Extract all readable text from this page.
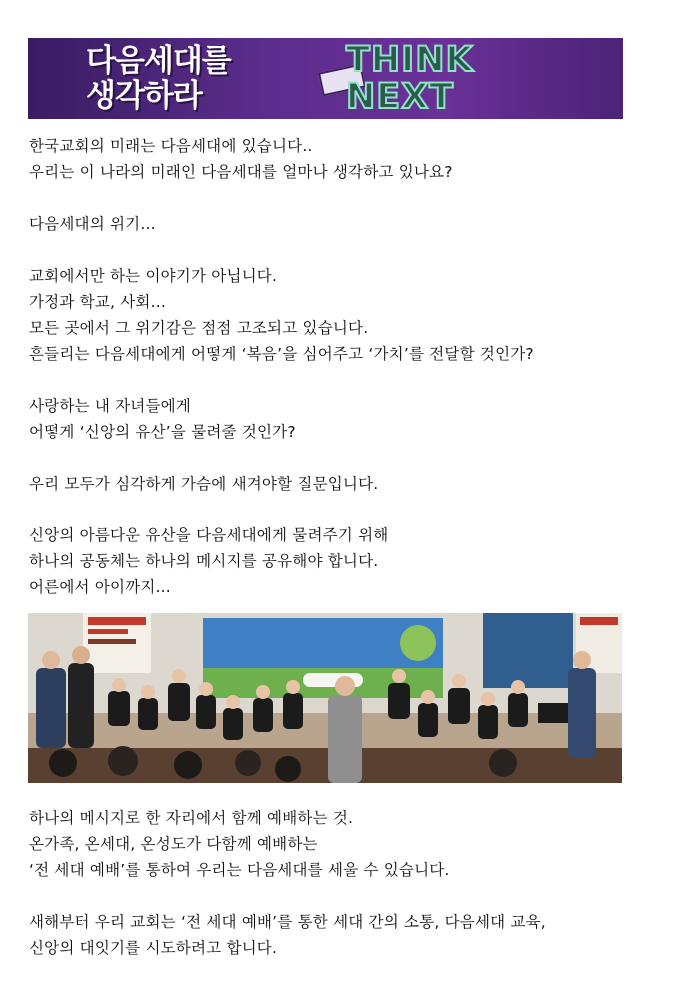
다음세대를
생각하라
THINK
NEXT

한국교회의 미래는 다음세대에 있습니다..

우리는 이 나라의 미래인 다음세대를 얼마나 생각하고 있나요?

다음세대의 위기...

교회에서만 하는 이야기가 아닙니다.

가정과 학교, 사회...

모든 곳에서 그 위기감은 점점 고조되고 있습니다.

흔들리는 다음세대에게 어떻게 ‘복음’을 심어주고 ‘가치’를 전달할 것인가?

사랑하는 내 자녀들에게

어떻게 ‘신앙의 유산’을 물려줄 것인가?

우리 모두가 심각하게 가슴에 새겨야할 질문입니다.

신앙의 아름다운 유산을 다음세대에게 물려주기 위해

하나의 공동체는 하나의 메시지를 공유해야 합니다.

어른에서 아이까지...

하나의 메시지로 한 자리에서 함께 예배하는 것.

온가족, 온세대, 온성도가 다함께 예배하는

‘전 세대 예배’를 통하여 우리는 다음세대를 세울 수 있습니다.

새해부터 우리 교회는 ‘전 세대 예배’를 통한 세대 간의 소통, 다음세대 교육,

신앙의 대잇기를 시도하려고 합니다.
